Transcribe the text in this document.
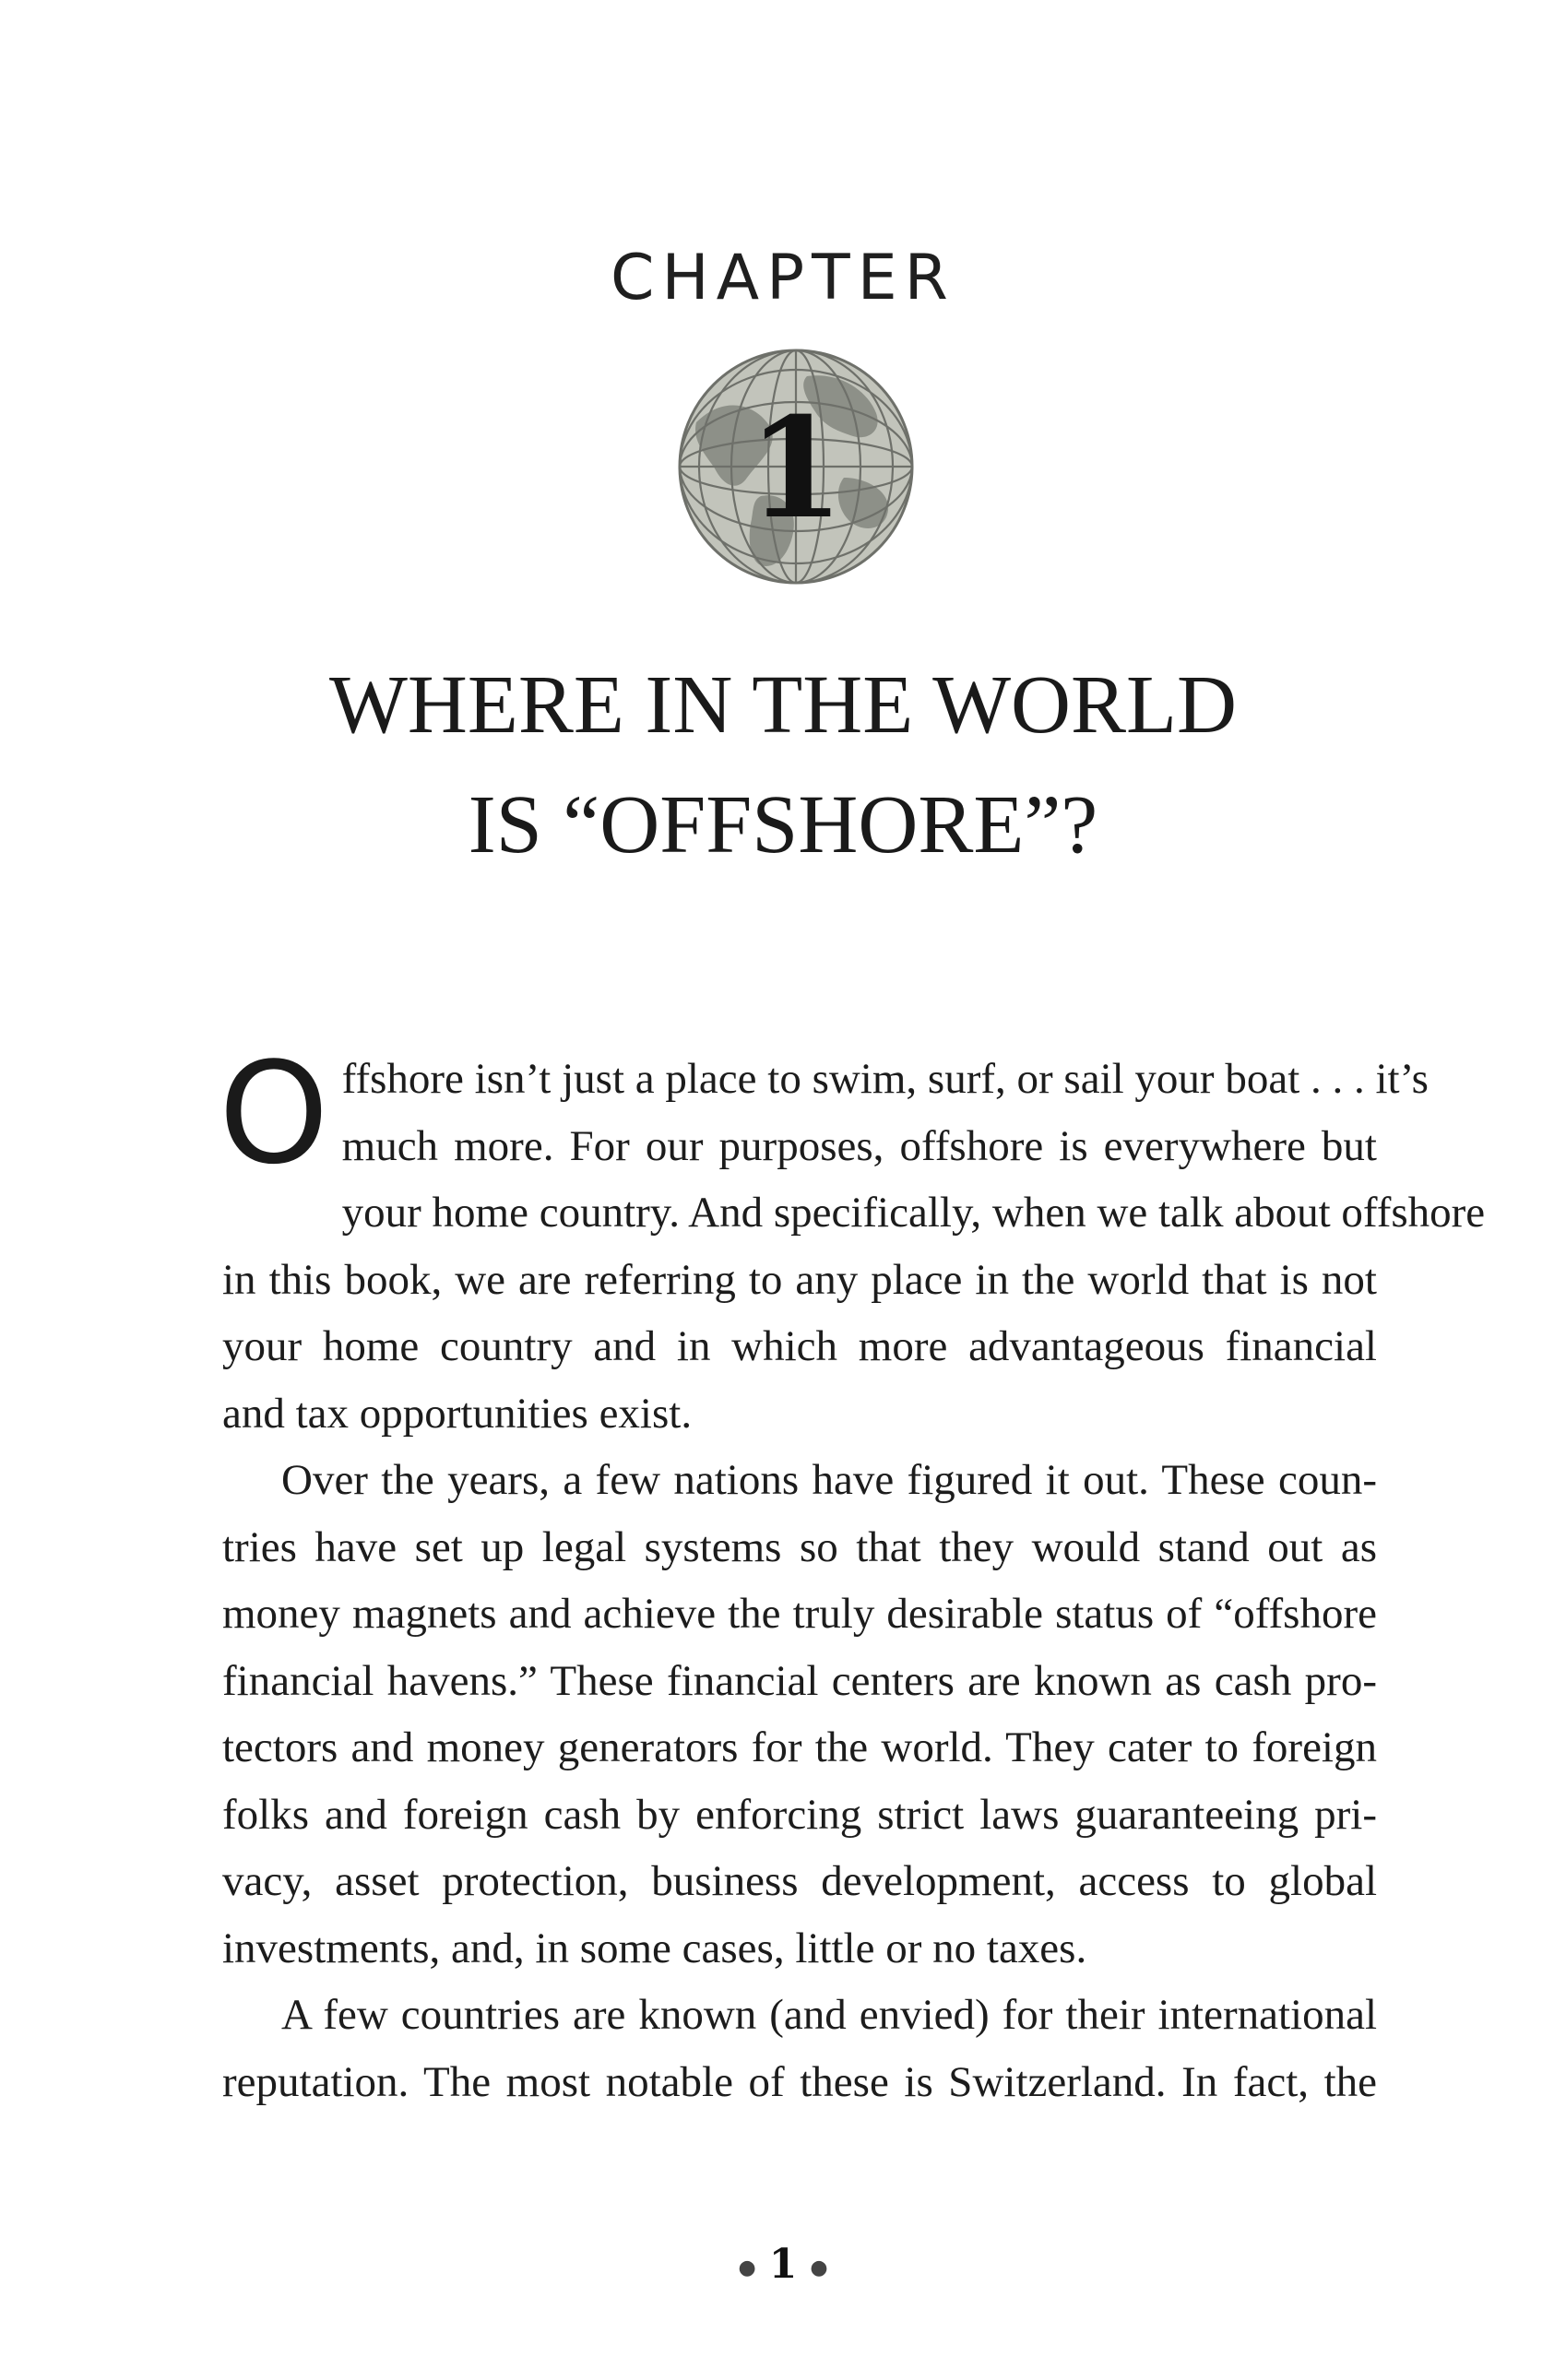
CHAPTER
1
WHERE IN THE WORLD
IS “OFFSHORE”?
O ffshore isn’t just a place to swim, surf, or sail your boat . . . it’s
much more. For our purposes, offshore is everywhere but
your home country. And specifically, when we talk about offshore
in this book, we are referring to any place in the world that is not
your home country and in which more advantageous financial
and tax opportunities exist.
Over the years, a few nations have figured it out. These coun-
tries have set up legal systems so that they would stand out as
money magnets and achieve the truly desirable status of “offshore
financial havens.” These financial centers are known as cash pro-
tectors and money generators for the world. They cater to foreign
folks and foreign cash by enforcing strict laws guaranteeing pri-
vacy, asset protection, business development, access to global
investments, and, in some cases, little or no taxes.
A few countries are known (and envied) for their international
reputation. The most notable of these is Switzerland. In fact, the
● 1 ●
